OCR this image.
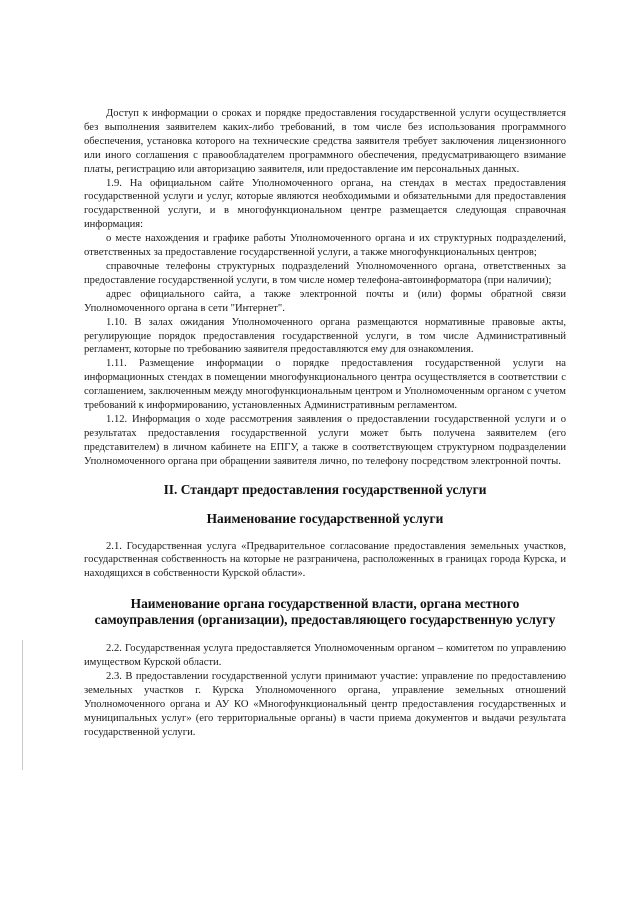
Доступ к информации о сроках и порядке предоставления государственной услуги осуществляется без выполнения заявителем каких-либо требований, в том числе без использования программного обеспечения, установка которого на технические средства заявителя требует заключения лицензионного или иного соглашения с правообладателем программного обеспечения, предусматривающего взимание платы, регистрацию или авторизацию заявителя, или предоставление им персональных данных.

1.9. На официальном сайте Уполномоченного органа, на стендах в местах предоставления государственной услуги и услуг, которые являются необходимыми и обязательными для предоставления государственной услуги, и в многофункциональном центре размещается следующая справочная информация:

о месте нахождения и графике работы Уполномоченного органа и их структурных подразделений, ответственных за предоставление государственной услуги, а также многофункциональных центров;

справочные телефоны структурных подразделений Уполномоченного органа, ответственных за предоставление государственной услуги, в том числе номер телефона-автоинформатора (при наличии);

адрес официального сайта, а также электронной почты и (или) формы обратной связи Уполномоченного органа в сети "Интернет".

1.10. В залах ожидания Уполномоченного органа размещаются нормативные правовые акты, регулирующие порядок предоставления государственной услуги, в том числе Административный регламент, которые по требованию заявителя предоставляются ему для ознакомления.

1.11. Размещение информации о порядке предоставления государственной услуги на информационных стендах в помещении многофункционального центра осуществляется в соответствии с соглашением, заключенным между многофункциональным центром и Уполномоченным органом с учетом требований к информированию, установленных Административным регламентом.

1.12. Информация о ходе рассмотрения заявления о предоставлении государственной услуги и о результатах предоставления государственной услуги может быть получена заявителем (его представителем) в личном кабинете на ЕПГУ, а также в соответствующем структурном подразделении Уполномоченного органа при обращении заявителя лично, по телефону посредством электронной почты.

II. Стандарт предоставления государственной услуги
Наименование государственной услуги

2.1. Государственная услуга «Предварительное согласование предоставления земельных участков, государственная собственность на которые не разграничена, расположенных в границах города Курска, и находящихся в собственности Курской области».

Наименование органа государственной власти, органа местного самоуправления (организации), предоставляющего государственную услугу

2.2. Государственная услуга предоставляется Уполномоченным органом – комитетом по управлению имуществом Курской области.

2.3. В предоставлении государственной услуги принимают участие: управление по предоставлению земельных участков г. Курска Уполномоченного органа, управление земельных отношений Уполномоченного органа и АУ КО «Многофункциональный центр предоставления государственных и муниципальных услуг» (его территориальные органы) в части приема документов и выдачи результата государственной услуги.
